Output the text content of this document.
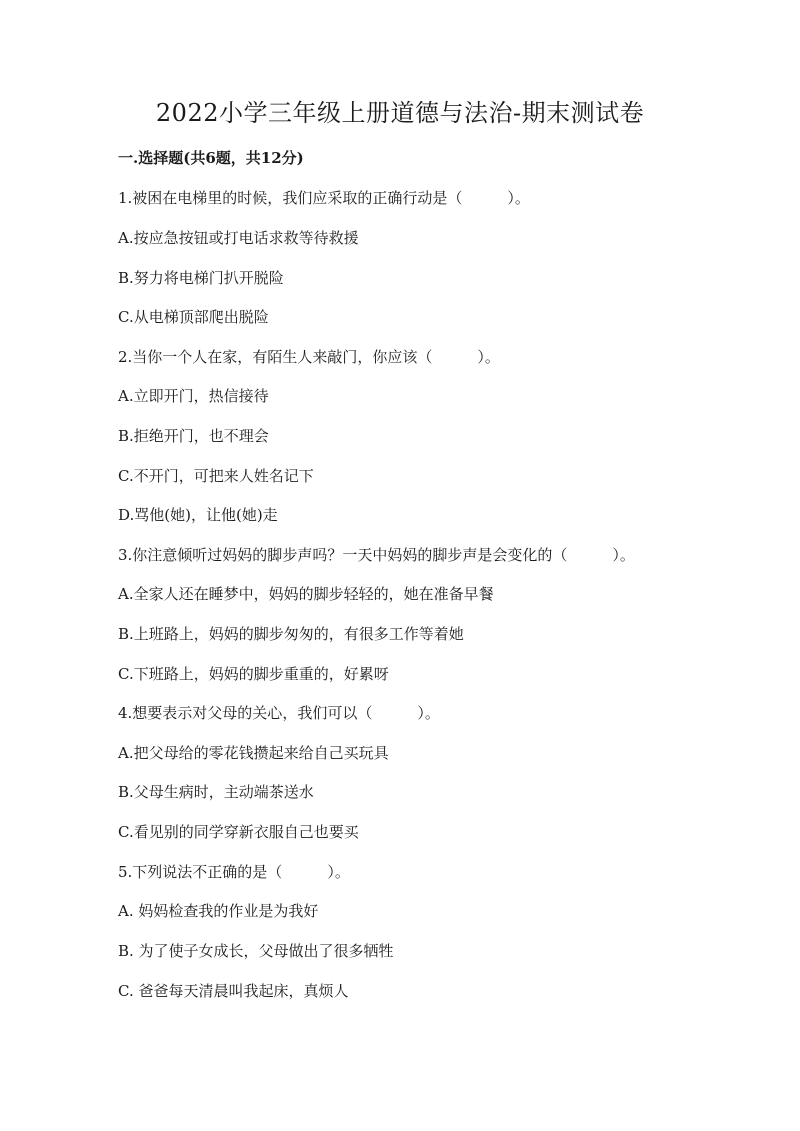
2022小学三年级上册道德与法治-期末测试卷
一.选择题(共6题，共12分)
1.被困在电梯里的时候，我们应采取的正确行动是（　　　）。
A.按应急按钮或打电话求救等待救援
B.努力将电梯门扒开脱险
C.从电梯顶部爬出脱险
2.当你一个人在家，有陌生人来敲门，你应该（　　　）。
A.立即开门，热信接待
B.拒绝开门，也不理会
C.不开门，可把来人姓名记下
D.骂他(她)，让他(她)走
3.你注意倾听过妈妈的脚步声吗？一天中妈妈的脚步声是会变化的（　　　）。
A.全家人还在睡梦中，妈妈的脚步轻轻的，她在准备早餐
B.上班路上，妈妈的脚步匆匆的，有很多工作等着她
C.下班路上，妈妈的脚步重重的，好累呀
4.想要表示对父母的关心，我们可以（　　　）。
A.把父母给的零花钱攒起来给自己买玩具
B.父母生病时，主动端茶送水
C.看见别的同学穿新衣服自己也要买
5.下列说法不正确的是（　　　）。
A. 妈妈检查我的作业是为我好
B. 为了使子女成长，父母做出了很多牺牲
C. 爸爸每天清晨叫我起床，真烦人
